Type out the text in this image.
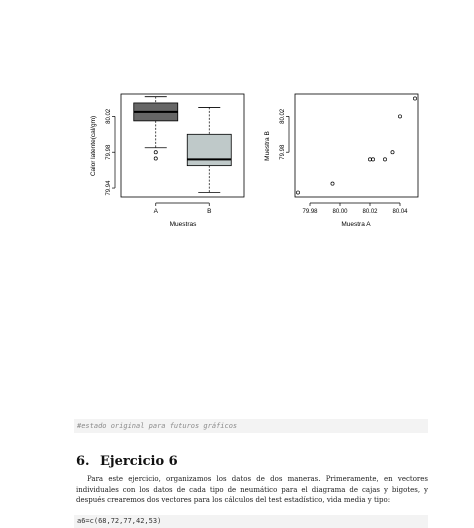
79.94
79.98
80.02
A	B
Muestras
Calor latente(cal/gm)	79.98
80.02
79.98 80.00 80.02 80.04
Muestra A
Muestra B
#estado original para futuros gráficos
6. Ejercicio 6

Para este ejercicio, organizamos los datos de dos maneras. Primeramente, en vectores individuales con los datos de cada tipo de neumático para el diagrama de cajas y bigotes, y después crearemos dos vectores para los cálculos del test estadístico, vida media y tipo:

a6=c(68,72,77,42,53)
